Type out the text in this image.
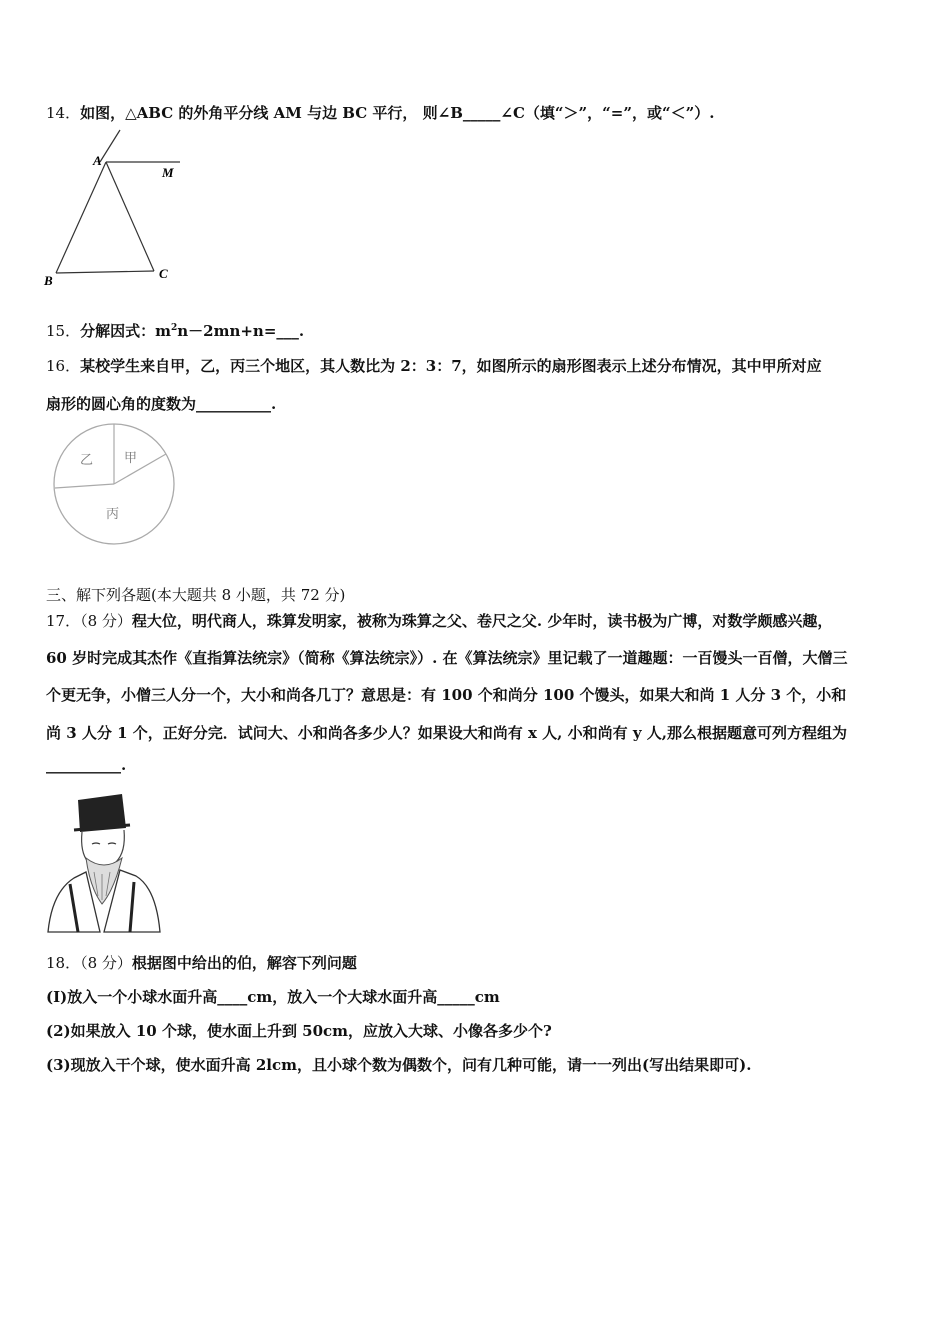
14．如图，△ABC 的外角平分线 AM 与边 BC 平行， 则∠B_____∠C（填“＞”，“=”，或“＜”）.
A
M
B	C
15．分解因式：$m^2n-2mn+n=\_\_\_$.
16．某校学生来自甲，乙，丙三个地区，其人数比为 2：3：7，如图所示的扇形图表示上述分布情况，其中甲所对应
扇形的圆心角的度数为__________.
甲
乙
丙
三、解下列各题(本大题共 8 小题，共 72 分)
17．（8 分）程大位，明代商人，珠算发明家，被称为珠算之父、卷尺之父. 少年时，读书极为广博，对数学颇感兴趣，
60 岁时完成其杰作《直指算法统宗》（简称《算法统宗》）. 在《算法统宗》里记载了一道趣题：一百馒头一百僧，大僧三
个更无争，小僧三人分一个，大小和尚各几丁？意思是：有 100 个和尚分 100 个馒头，如果大和尚 1 人分 3 个，小和
尚 3 人分 1 个，正好分完．试问大、小和尚各多少人？如果设大和尚有 x 人, 小和尚有 y 人,那么根据题意可列方程组为
__________.
18．（8 分）根据图中给出的伯，解容下列问题
(I)放入一个小球水面升高____cm，放入一个大球水面升高_____cm
(2)如果放入 10 个球，使水面上升到 50cm，应放入大球、小像各多少个?
(3)现放入干个球，使水面升高 2lcm，且小球个数为偶数个，问有几种可能，请一一列出(写出结果即可).
